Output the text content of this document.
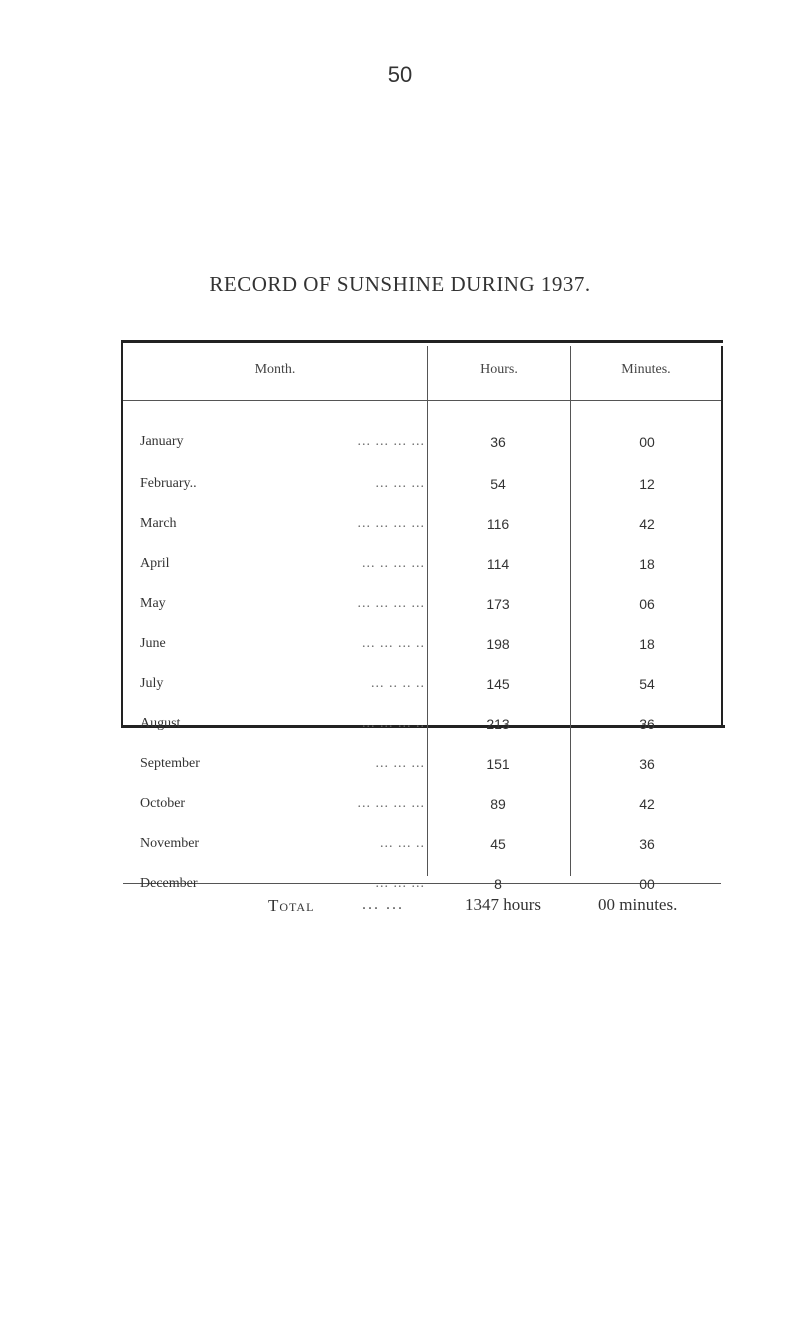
50
RECORD OF SUNSHINE DURING 1937.
Month.	Hours.	Minutes.
January	... ... ... ...	36	00
February..	... ... ...	54	12
March	... ... ... ...	116	42
April	... .. ... ...	114	18
May	... ... ... ...	173	06
June	... ... ... ..	198	18
July	... .. .. ..	145	54
August	... ... ... ..	213	36
September	... ... ...	151	36
October	... ... ... ...	89	42
November	... ... ..	45	36
December	... ... ...	8	00
Total	... ...	1347 hours	00 minutes.
